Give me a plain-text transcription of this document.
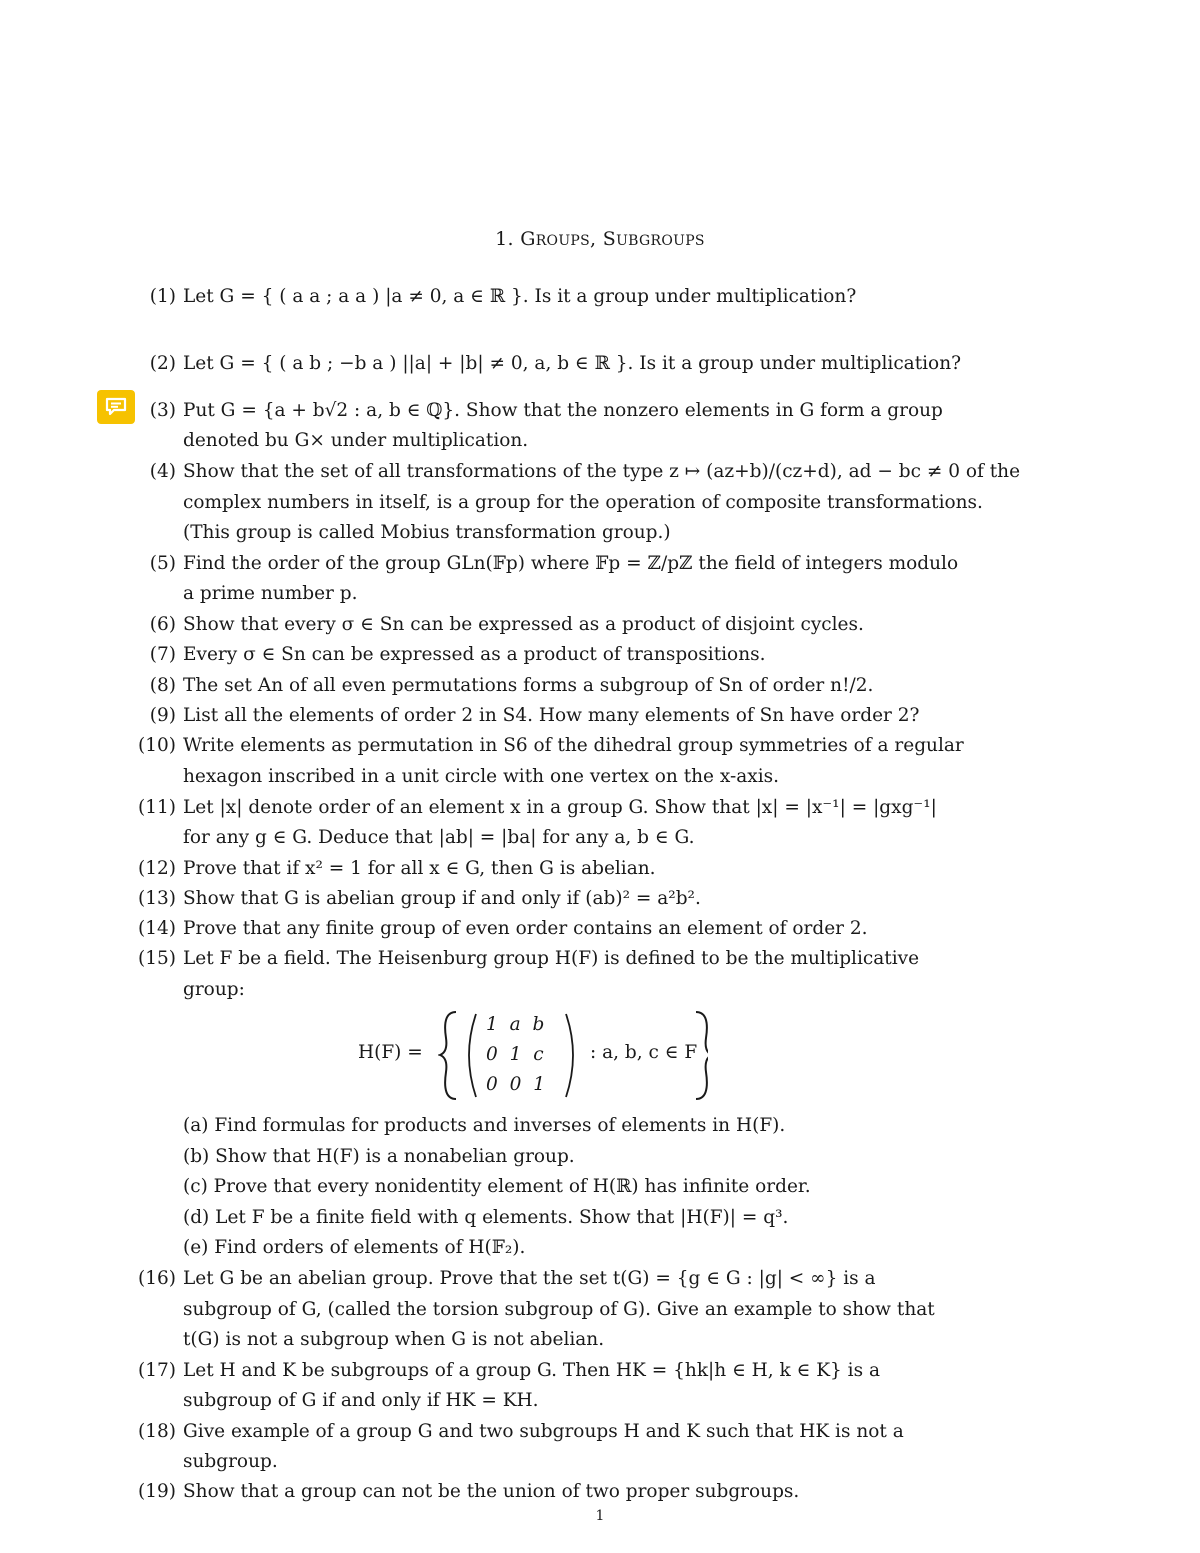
1. GROUPS, SUBGROUPS
(1) Let G = { ( a a ; a a ) |a ≠ 0, a ∈ ℝ }. Is it a group under multiplication?
(2) Let G = { ( a b ; −b a ) ||a| + |b| ≠ 0, a, b ∈ ℝ }. Is it a group under multiplication?
(3) Put G = {a + b√2 : a, b ∈ ℚ}. Show that the nonzero elements in G form a group
denoted bu G× under multiplication.
(4) Show that the set of all transformations of the type z ↦ (az+b)/(cz+d), ad − bc ≠ 0 of the
complex numbers in itself, is a group for the operation of composite transformations.
(This group is called Mobius transformation group.)
(5) Find the order of the group GLn(𝔽p) where 𝔽p = ℤ/pℤ the field of integers modulo
a prime number p.
(6) Show that every σ ∈ Sn can be expressed as a product of disjoint cycles.
(7) Every σ ∈ Sn can be expressed as a product of transpositions.
(8) The set An of all even permutations forms a subgroup of Sn of order n!/2.
(9) List all the elements of order 2 in S4. How many elements of Sn have order 2?
(10) Write elements as permutation in S6 of the dihedral group symmetries of a regular
hexagon inscribed in a unit circle with one vertex on the x-axis.
(11) Let |x| denote order of an element x in a group G. Show that |x| = |x⁻¹| = |gxg⁻¹|
for any g ∈ G. Deduce that |ab| = |ba| for any a, b ∈ G.
(12) Prove that if x² = 1 for all x ∈ G, then G is abelian.
(13) Show that G is abelian group if and only if (ab)² = a²b².
(14) Prove that any finite group of even order contains an element of order 2.
(15) Let F be a field. The Heisenburg group H(F) is defined to be the multiplicative
group:
H(F) =
1 a b
0 1 c
0 0 1
: a, b, c ∈ F
(a) Find formulas for products and inverses of elements in H(F).
(b) Show that H(F) is a nonabelian group.
(c) Prove that every nonidentity element of H(ℝ) has infinite order.
(d) Let F be a finite field with q elements. Show that |H(F)| = q³.
(e) Find orders of elements of H(𝔽₂).
(16) Let G be an abelian group. Prove that the set t(G) = {g ∈ G : |g| < ∞} is a
subgroup of G, (called the torsion subgroup of G). Give an example to show that
t(G) is not a subgroup when G is not abelian.
(17) Let H and K be subgroups of a group G. Then HK = {hk|h ∈ H, k ∈ K} is a
subgroup of G if and only if HK = KH.
(18) Give example of a group G and two subgroups H and K such that HK is not a
subgroup.
(19) Show that a group can not be the union of two proper subgroups.
1
